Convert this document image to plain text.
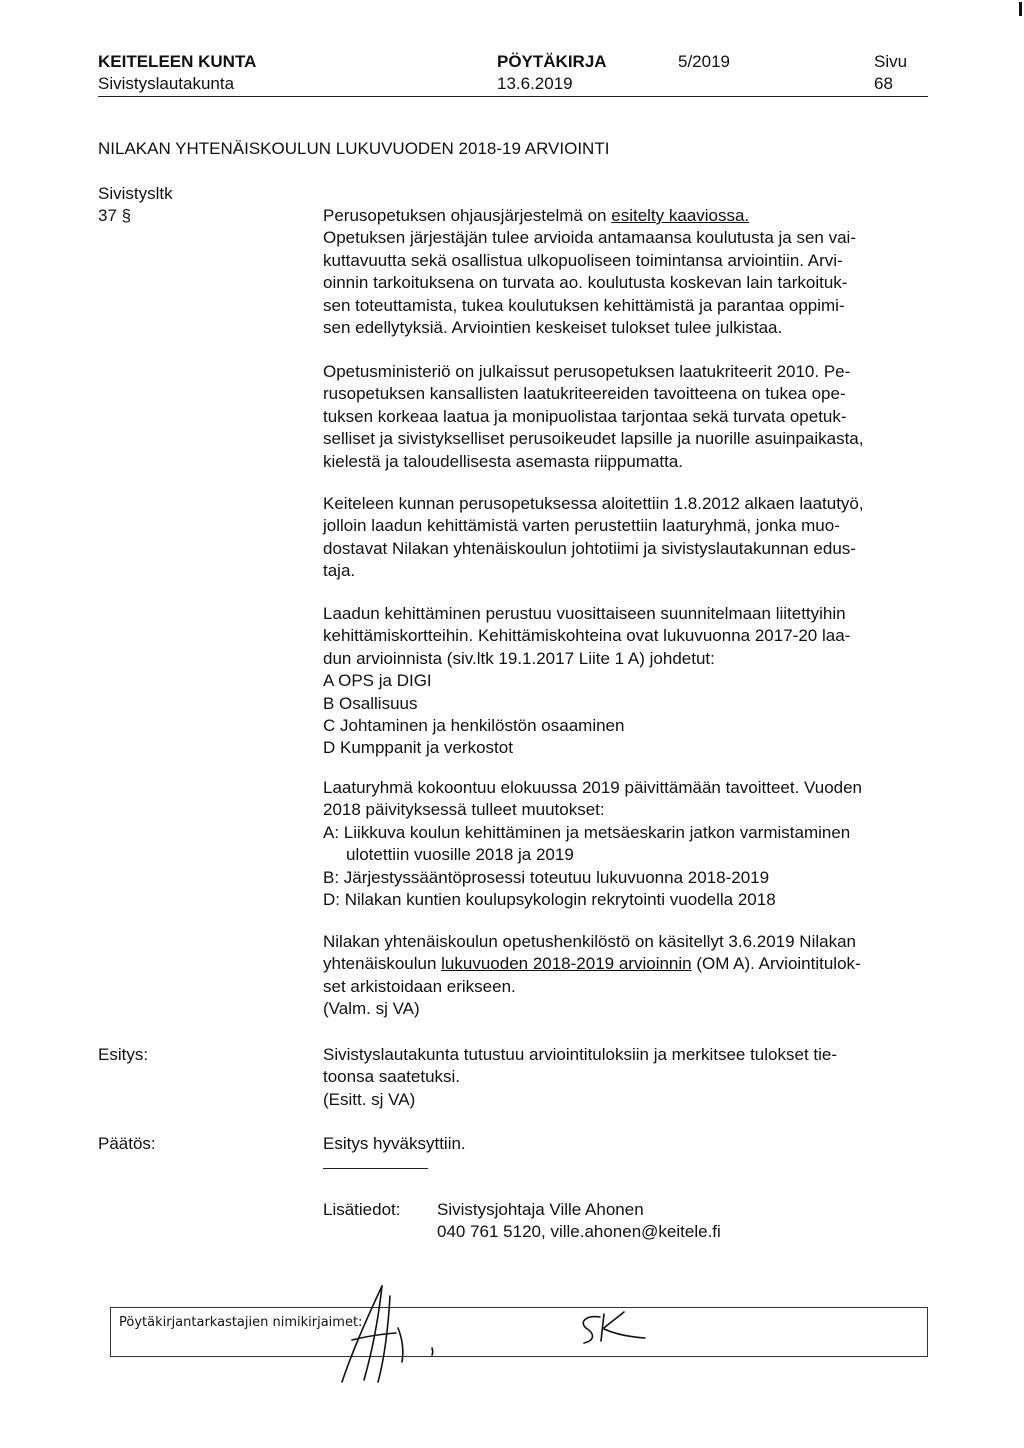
KEITELEEN KUNTA
Sivistyslautakunta
PÖYTÄKIRJA
13.6.2019
5/2019	Sivu
68
NILAKAN YHTENÄISKOULUN LUKUVUODEN 2018-19 ARVIOINTI
Sivistysltk
37 §	Perusopetuksen ohjausjärjestelmä on esitelty kaaviossa.

Opetuksen järjestäjän tulee arvioida antamaansa koulutusta ja sen vai-

kuttavuutta sekä osallistua ulkopuoliseen toimintansa arviointiin. Arvi-

oinnin tarkoituksena on turvata ao. koulutusta koskevan lain tarkoituk-

sen toteuttamista, tukea koulutuksen kehittämistä ja parantaa oppimi-

sen edellytyksiä. Arviointien keskeiset tulokset tulee julkistaa.

Opetusministeriö on julkaissut perusopetuksen laatukriteerit 2010. Pe-

rusopetuksen kansallisten laatukriteereiden tavoitteena on tukea ope-

tuksen korkeaa laatua ja monipuolistaa tarjontaa sekä turvata opetuk-

selliset ja sivistykselliset perusoikeudet lapsille ja nuorille asuinpaikasta,

kielestä ja taloudellisesta asemasta riippumatta.

Keiteleen kunnan perusopetuksessa aloitettiin 1.8.2012 alkaen laatutyö,

jolloin laadun kehittämistä varten perustettiin laaturyhmä, jonka muo-

dostavat Nilakan yhtenäiskoulun johtotiimi ja sivistyslautakunnan edus-

taja.

Laadun kehittäminen perustuu vuosittaiseen suunnitelmaan liitettyihin

kehittämiskortteihin. Kehittämiskohteina ovat lukuvuonna 2017-20 laa-

dun arvioinnista (siv.ltk 19.1.2017 Liite 1 A) johdetut:

A OPS ja DIGI

B Osallisuus

C Johtaminen ja henkilöstön osaaminen

D Kumppanit ja verkostot

Laaturyhmä kokoontuu elokuussa 2019 päivittämään tavoitteet. Vuoden

2018 päivityksessä tulleet muutokset:

A: Liikkuva koulun kehittäminen ja metsäeskarin jatkon varmistaminen

ulotettiin vuosille 2018 ja 2019

B: Järjestyssääntöprosessi toteutuu lukuvuonna 2018-2019

D: Nilakan kuntien koulupsykologin rekrytointi vuodella 2018

Nilakan yhtenäiskoulun opetushenkilöstö on käsitellyt 3.6.2019 Nilakan

yhtenäiskoulun lukuvuoden 2018-2019 arvioinnin (OM A). Arviointitulok-

set arkistoidaan erikseen.

(Valm. sj VA)

Esitys:	Sivistyslautakunta tutustuu arviointituloksiin ja merkitsee tulokset tie-

toonsa saatetuksi.

(Esitt. sj VA)

Päätös:	Esitys hyväksyttiin.
Lisätiedot: Sivistysjohtaja Ville Ahonen
040 761 5120, ville.ahonen@keitele.fi
Pöytäkirjantarkastajien nimikirjaimet:
